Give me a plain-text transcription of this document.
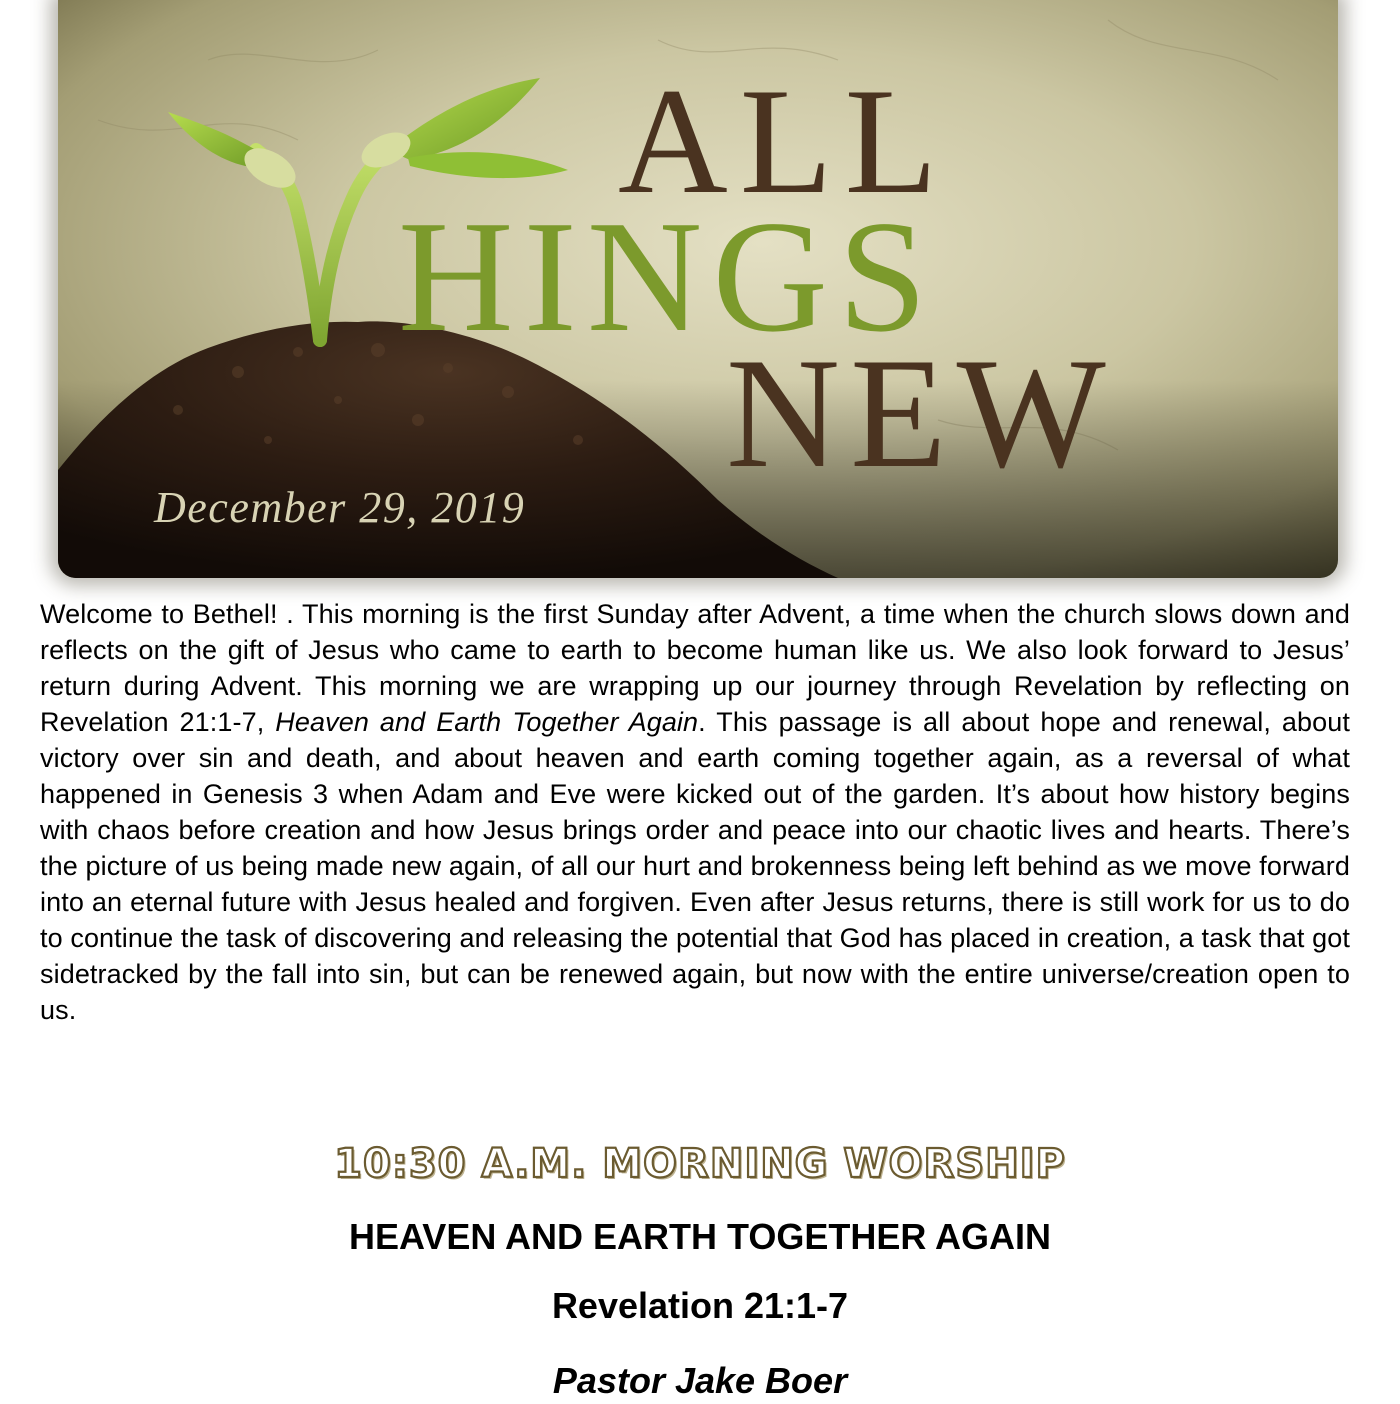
ALL
HINGS
NEW
December 29, 2019

Welcome to Bethel! . This morning is the first Sunday after Advent, a time when the church slows down and reflects on the gift of Jesus who came to earth to become human like us. We also look forward to Jesus’ return during Advent. This morning we are wrapping up our journey through Revelation by reflecting on Revelation 21:1-7, Heaven and Earth Together Again. This passage is all about hope and renewal, about victory over sin and death, and about heaven and earth coming together again, as a reversal of what happened in Genesis 3 when Adam and Eve were kicked out of the garden. It’s about how history begins with chaos before creation and how Jesus brings order and peace into our chaotic lives and hearts. There’s the picture of us being made new again, of all our hurt and brokenness being left behind as we move forward into an eternal future with Jesus healed and forgiven. Even after Jesus returns, there is still work for us to do to continue the task of discovering and releasing the potential that God has placed in creation, a task that got sidetracked by the fall into sin, but can be renewed again, but now with the entire universe/creation open to us.

10:30 A.M. MORNING WORSHIP

HEAVEN AND EARTH TOGETHER AGAIN

Revelation 21:1-7

Pastor Jake Boer
